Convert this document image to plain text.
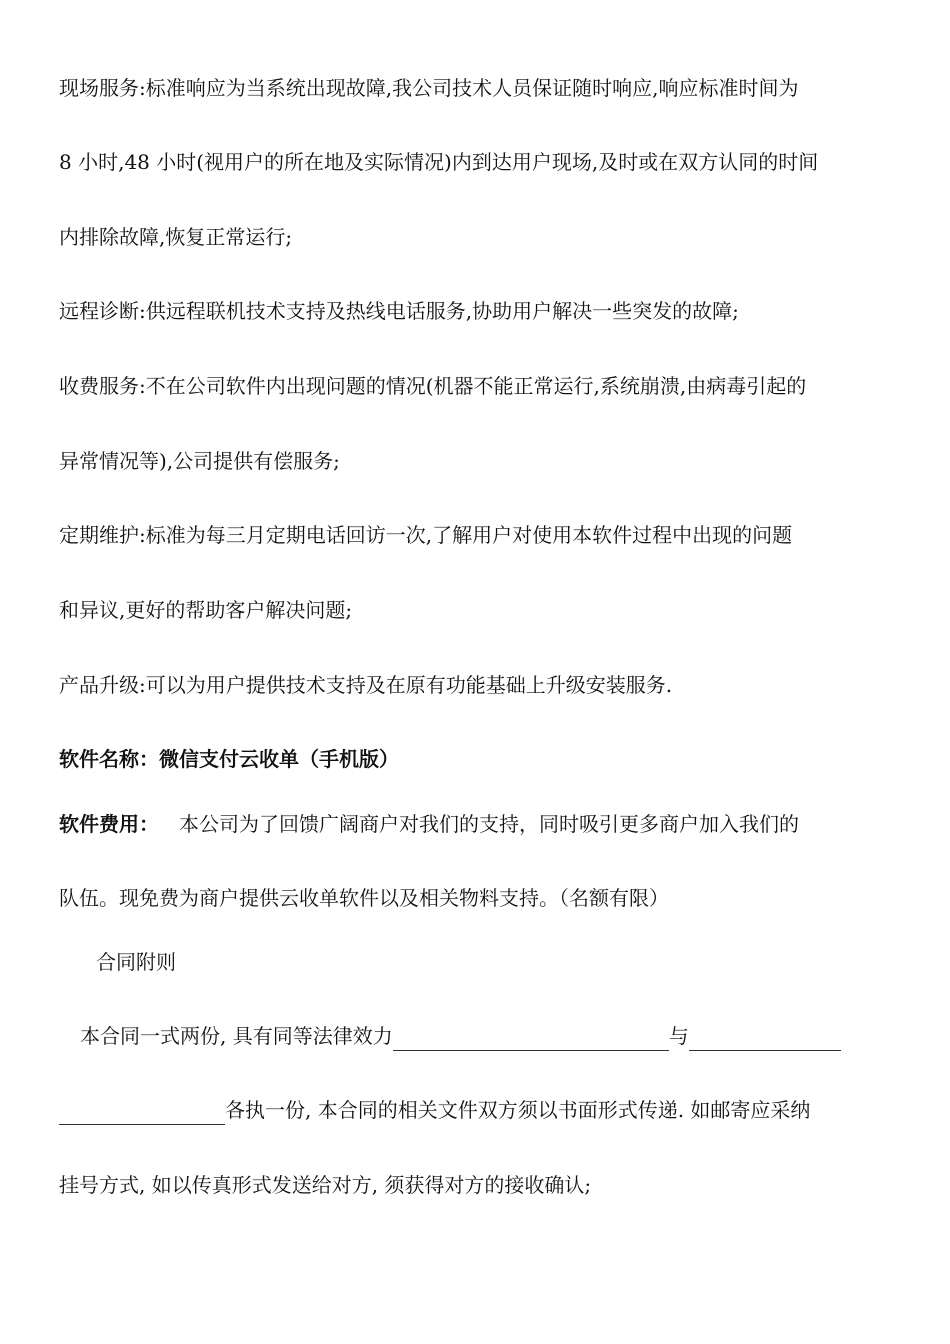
现场服务:标准响应为当系统出现故障,我公司技术人员保证随时响应,响应标准时间为
8 小时,48 小时(视用户的所在地及实际情况)内到达用户现场,及时或在双方认同的时间
内排除故障,恢复正常运行;
远程诊断:供远程联机技术支持及热线电话服务,协助用户解决一些突发的故障;
收费服务:不在公司软件内出现问题的情况(机器不能正常运行,系统崩溃,由病毒引起的
异常情况等),公司提供有偿服务;
定期维护:标准为每三月定期电话回访一次,了解用户对使用本软件过程中出现的问题
和异议,更好的帮助客户解决问题;
产品升级:可以为用户提供技术支持及在原有功能基础上升级安装服务.
软件名称：微信支付云收单（手机版）
软件费用： 本公司为了回馈广阔商户对我们的支持，同时吸引更多商户加入我们的
队伍。现免费为商户提供云收单软件以及相关物料支持。（名额有限）
合同附则
本合同一式两份, 具有同等法律效力	与
各执一份, 本合同的相关文件双方须以书面形式传递. 如邮寄应采纳
挂号方式, 如以传真形式发送给对方, 须获得对方的接收确认;
